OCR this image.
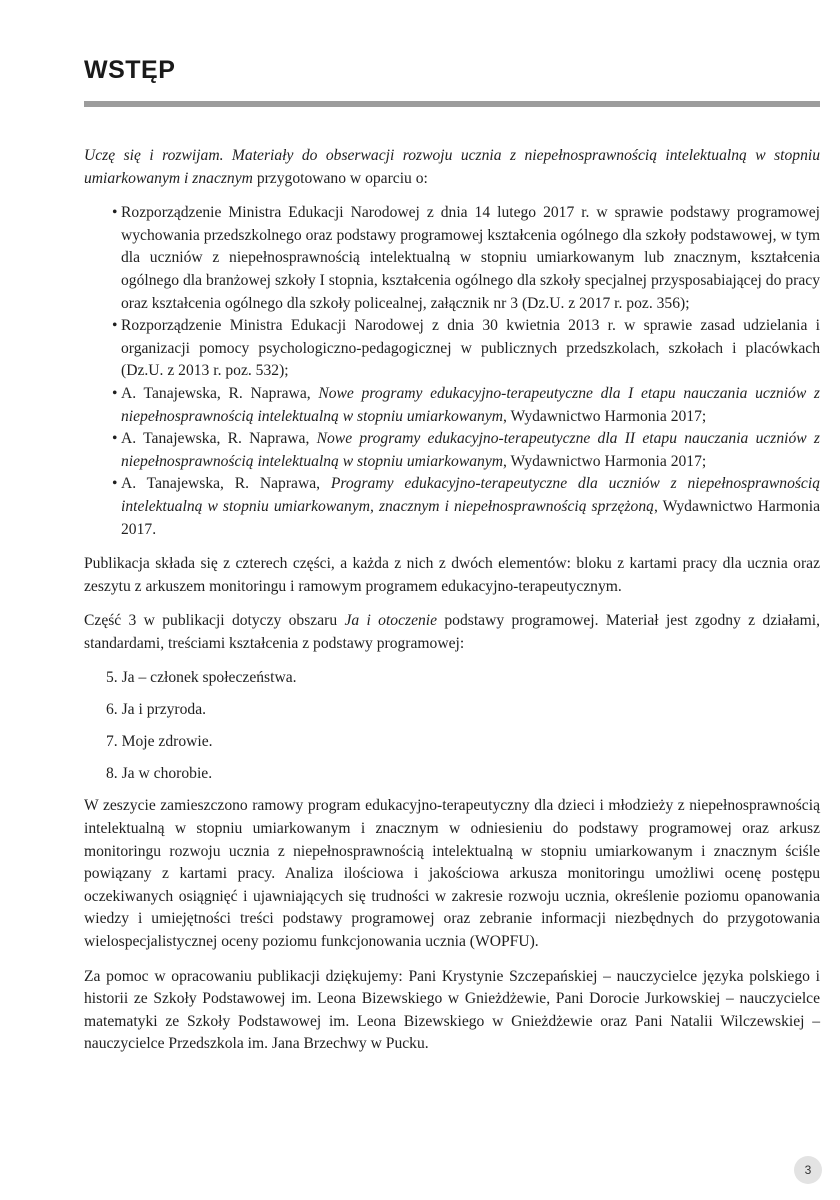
WSTĘP

Uczę się i rozwijam. Materiały do obserwacji rozwoju ucznia z niepełnosprawnością intelektualną w stopniu umiarkowanym i znacznym przygotowano w oparciu o:

• Rozporządzenie Ministra Edukacji Narodowej z dnia 14 lutego 2017 r. w sprawie podstawy programowej wychowania przedszkolnego oraz podstawy programowej kształcenia ogólnego dla szkoły podstawowej, w tym dla uczniów z niepełnosprawnością intelektualną w stopniu umiarkowanym lub znacznym, kształcenia ogólnego dla branżowej szkoły I stopnia, kształcenia ogólnego dla szkoły specjalnej przysposabiającej do pracy oraz kształcenia ogólnego dla szkoły policealnej, załącznik nr 3 (Dz.U. z 2017 r. poz. 356);
• Rozporządzenie Ministra Edukacji Narodowej z dnia 30 kwietnia 2013 r. w sprawie zasad udzielania i organizacji pomocy psychologiczno-pedagogicznej w publicznych przedszkolach, szkołach i placówkach (Dz.U. z 2013 r. poz. 532);
• A. Tanajewska, R. Naprawa, Nowe programy edukacyjno-terapeutyczne dla I etapu nauczania uczniów z niepełnosprawnością intelektualną w stopniu umiarkowanym, Wydawnictwo Harmonia 2017;
• A. Tanajewska, R. Naprawa, Nowe programy edukacyjno-terapeutyczne dla II etapu nauczania uczniów z niepełnosprawnością intelektualną w stopniu umiarkowanym, Wydawnictwo Harmonia 2017;
• A. Tanajewska, R. Naprawa, Programy edukacyjno-terapeutyczne dla uczniów z niepełnosprawnością intelektualną w stopniu umiarkowanym, znacznym i niepełnosprawnością sprzężoną, Wydawnictwo Harmonia 2017.

Publikacja składa się z czterech części, a każda z nich z dwóch elementów: bloku z kartami pracy dla ucznia oraz zeszytu z arkuszem monitoringu i ramowym programem edukacyjno-terapeutycznym.

Część 3 w publikacji dotyczy obszaru Ja i otoczenie podstawy programowej. Materiał jest zgodny z działami, standardami, treściami kształcenia z podstawy programowej:

5. Ja – członek społeczeństwa.
6. Ja i przyroda.
7. Moje zdrowie.
8. Ja w chorobie.

W zeszycie zamieszczono ramowy program edukacyjno-terapeutyczny dla dzieci i młodzieży z niepełnosprawnością intelektualną w stopniu umiarkowanym i znacznym w odniesieniu do podstawy programowej oraz arkusz monitoringu rozwoju ucznia z niepełnosprawnością intelektualną w stopniu umiarkowanym i znacznym ściśle powiązany z kartami pracy. Analiza ilościowa i jakościowa arkusza monitoringu umożliwi ocenę postępu oczekiwanych osiągnięć i ujawniających się trudności w zakresie rozwoju ucznia, określenie poziomu opanowania wiedzy i umiejętności treści podstawy programowej oraz zebranie informacji niezbędnych do przygotowania wielospecjalistycznej oceny poziomu funkcjonowania ucznia (WOPFU).

Za pomoc w opracowaniu publikacji dziękujemy: Pani Krystynie Szczepańskiej – nauczycielce języka polskiego i historii ze Szkoły Podstawowej im. Leona Bizewskiego w Gnieżdżewie, Pani Dorocie Jurkowskiej – nauczycielce matematyki ze Szkoły Podstawowej im. Leona Bizewskiego w Gnieżdżewie oraz Pani Natalii Wilczewskiej – nauczycielce Przedszkola im. Jana Brzechwy w Pucku.

3
